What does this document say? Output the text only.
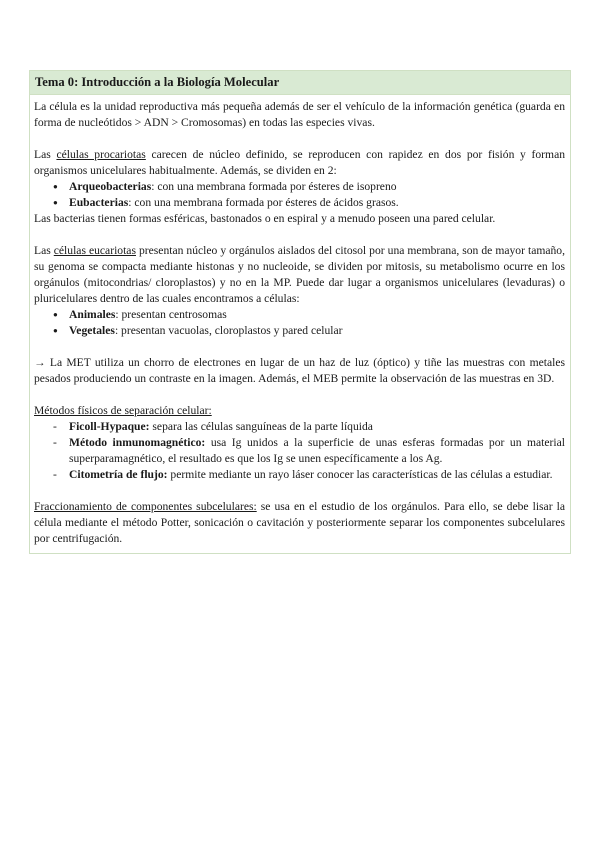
Tema 0: Introducción a la Biología Molecular

La célula es la unidad reproductiva más pequeña además de ser el vehículo de la información genética (guarda en forma de nucleótidos > ADN > Cromosomas) en todas las especies vivas.

Las células procariotas carecen de núcleo definido, se reproducen con rapidez en dos por fisión y forman organismos unicelulares habitualmente. Además, se dividen en 2:

● Arqueobacterias: con una membrana formada por ésteres de isopreno
● Eubacterias: con una membrana formada por ésteres de ácidos grasos.

Las bacterias tienen formas esféricas, bastonados o en espiral y a menudo poseen una pared celular.

Las células eucariotas presentan núcleo y orgánulos aislados del citosol por una membrana, son de mayor tamaño, su genoma se compacta mediante histonas y no nucleoide, se dividen por mitosis, su metabolismo ocurre en los orgánulos (mitocondrias/ cloroplastos) y no en la MP. Puede dar lugar a organismos unicelulares (levaduras) o pluricelulares dentro de las cuales encontramos a células:

● Animales: presentan centrosomas
● Vegetales: presentan vacuolas, cloroplastos y pared celular

→ La MET utiliza un chorro de electrones en lugar de un haz de luz (óptico) y tiñe las muestras con metales pesados produciendo un contraste en la imagen. Además, el MEB permite la observación de las muestras en 3D.

Métodos físicos de separación celular:

- Ficoll-Hypaque: separa las células sanguíneas de la parte líquida
- Método inmunomagnético: usa Ig unidos a la superficie de unas esferas formadas por un material superparamagnético, el resultado es que los Ig se unen específicamente a los Ag.
- Citometría de flujo: permite mediante un rayo láser conocer las características de las células a estudiar.

Fraccionamiento de componentes subcelulares: se usa en el estudio de los orgánulos. Para ello, se debe lisar la célula mediante el método Potter, sonicación o cavitación y posteriormente separar los componentes subcelulares por centrifugación.
